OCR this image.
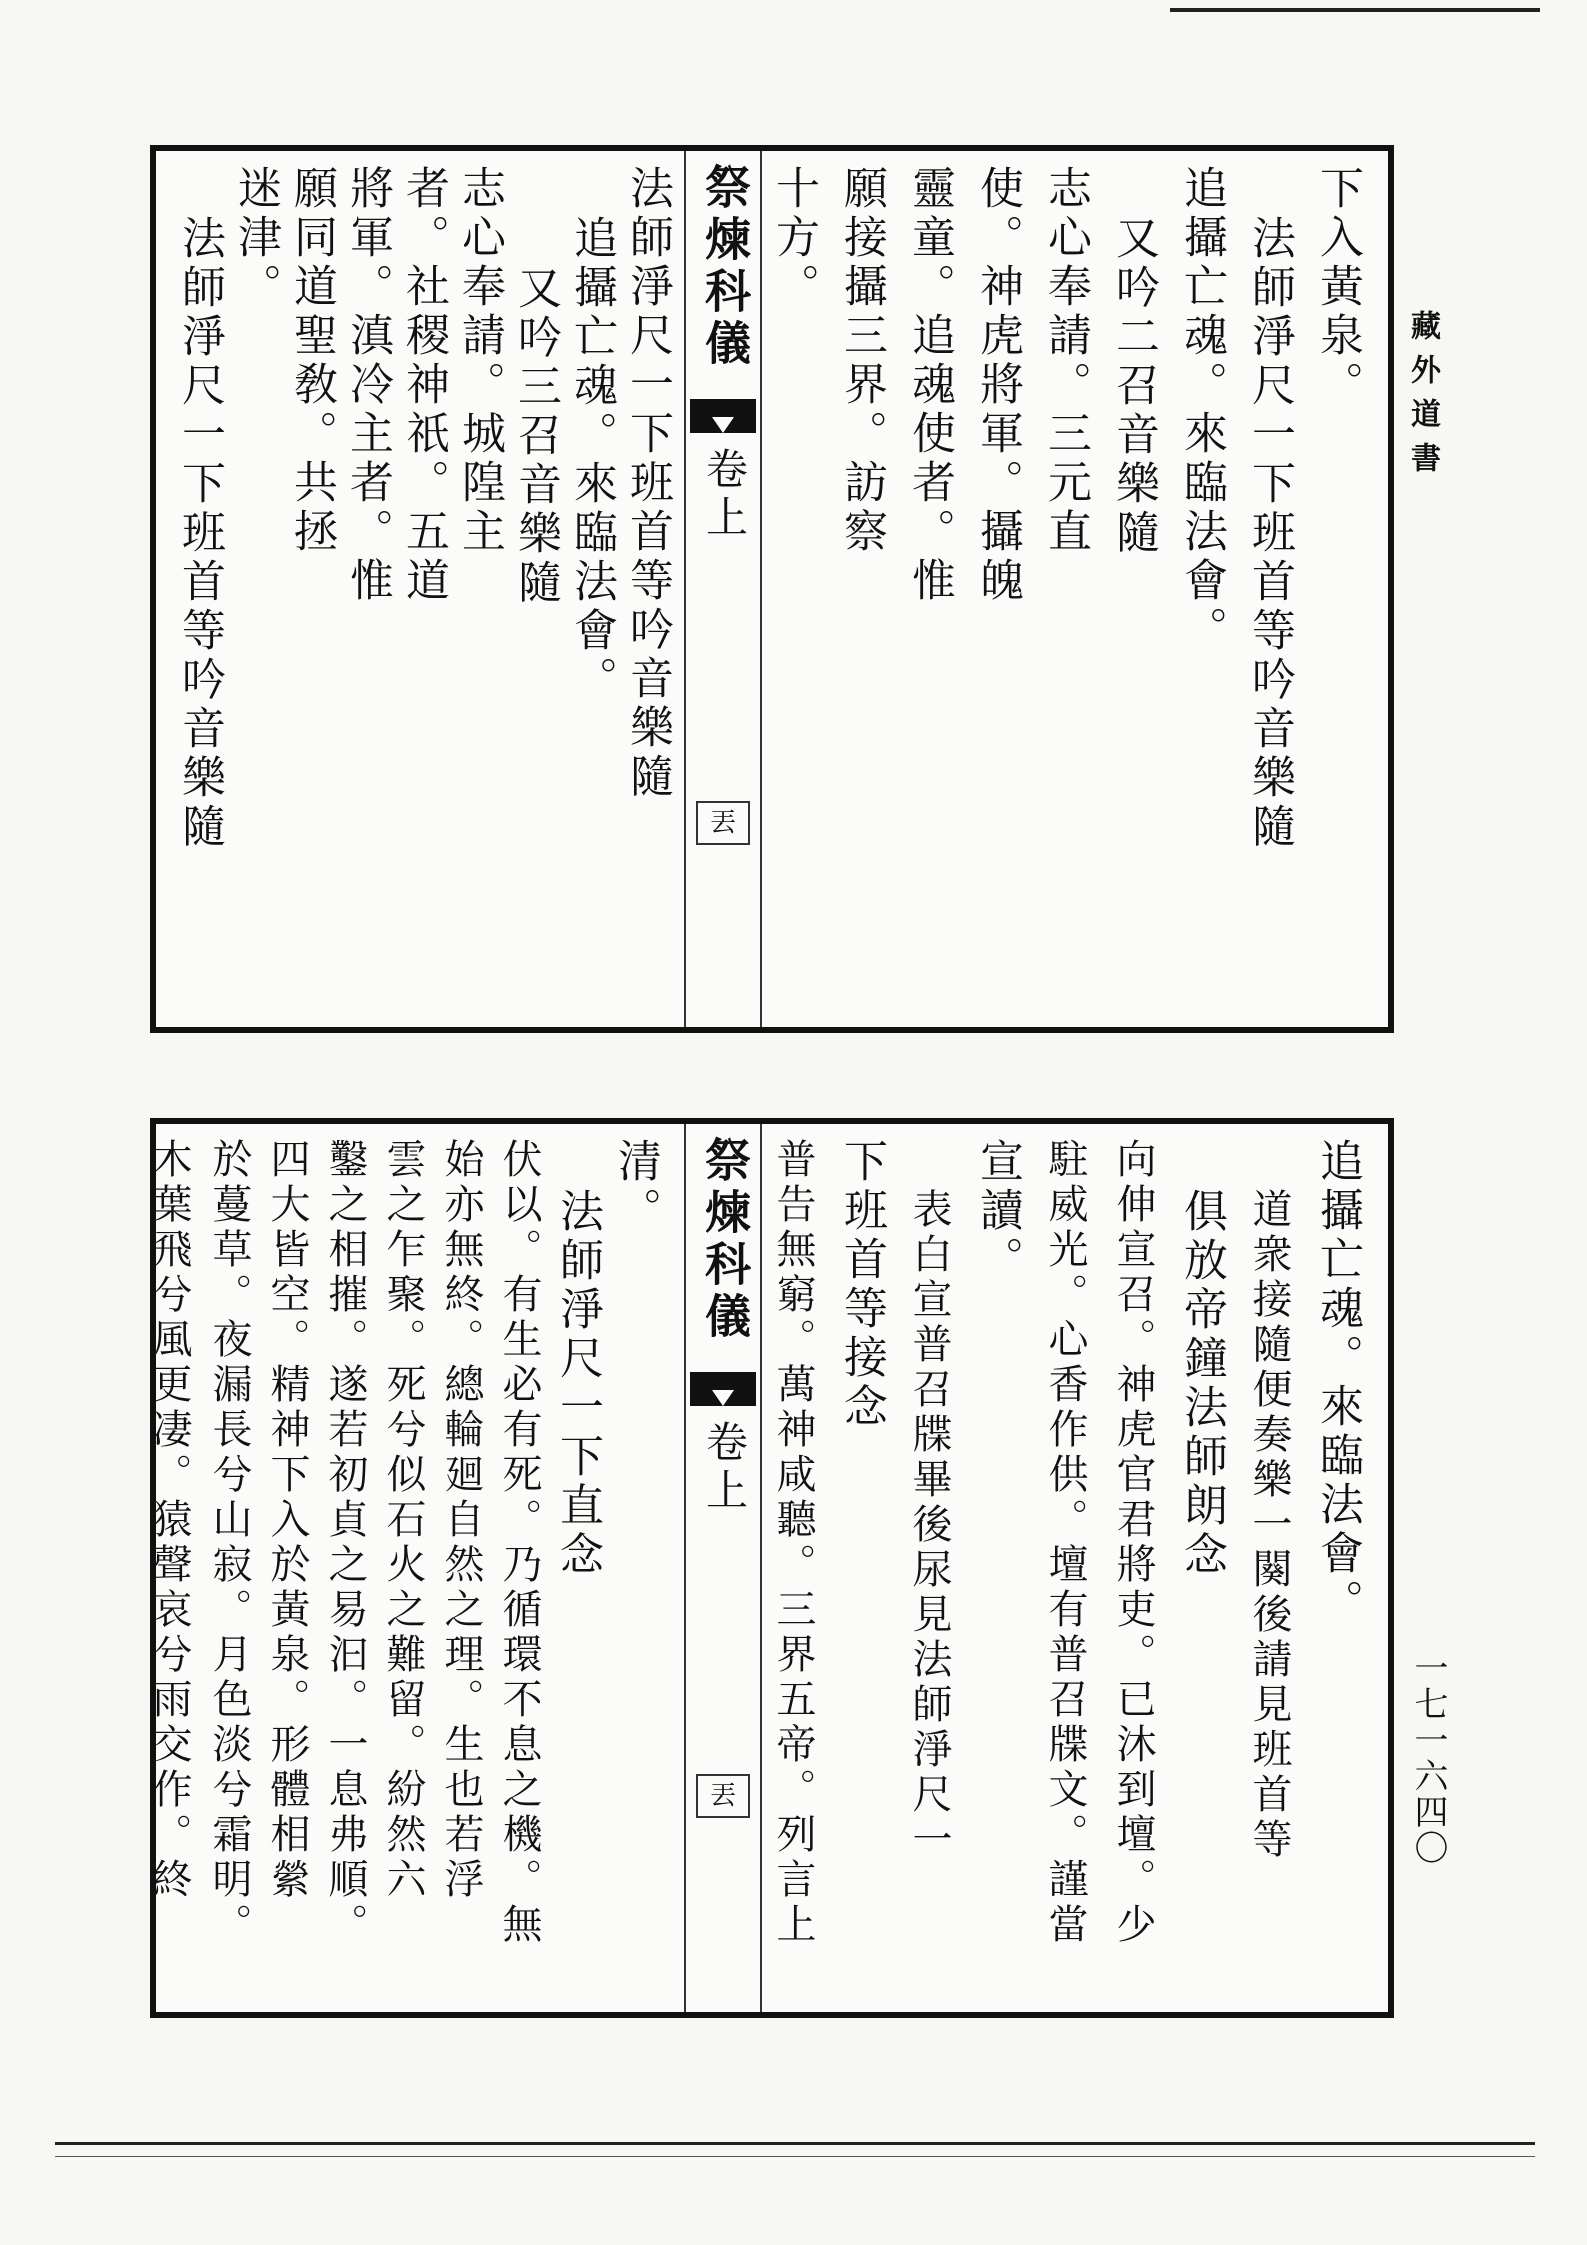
藏外道書
一七一六四〇
下入黃泉。
法師淨尺一下班首等吟音樂隨
追攝亡魂。來臨法會。
又吟二召音樂隨
志心奉請。三元直
使。神虎將軍。攝魄
靈童。追魂使者。惟
願接攝三界。訪察
十方。
祭煉科儀
卷上
丟
法師淨尺一下班首等吟音樂隨
追攝亡魂。來臨法會。
又吟三召音樂隨
志心奉請。城隍主
者。社稷神祇。五道
將軍。滇冷主者。惟
願同道聖敎。共拯
迷津。
法師淨尺一下班首等吟音樂隨
追攝亡魂。來臨法會。
道衆接隨便奏樂一闋後請見班首等
俱放帝鐘法師朗念
向伸宣召。神虎官君將吏。已沐到壇。少
駐威光。心香作供。壇有普召牒文。謹當
宣讀。
表白宣普召牒畢後尿見法師淨尺一
下班首等接念
普告無窮。萬神咸聽。三界五帝。列言上
祭煉科儀
卷上
丟
清。
法師淨尺一下直念
伏以。有生必有死。乃循環不息之機。無
始亦無終。總輪廻自然之理。生也若浮
雲之乍聚。死兮似石火之難留。紛然六
鑿之相摧。遂若初貞之易汩。一息弗順。
四大皆空。精神下入於黃泉。形體相縈
於蔓草。夜漏長兮山寂。月色淡兮霜明。
木葉飛兮風更凄。猿聲哀兮雨交作。終
